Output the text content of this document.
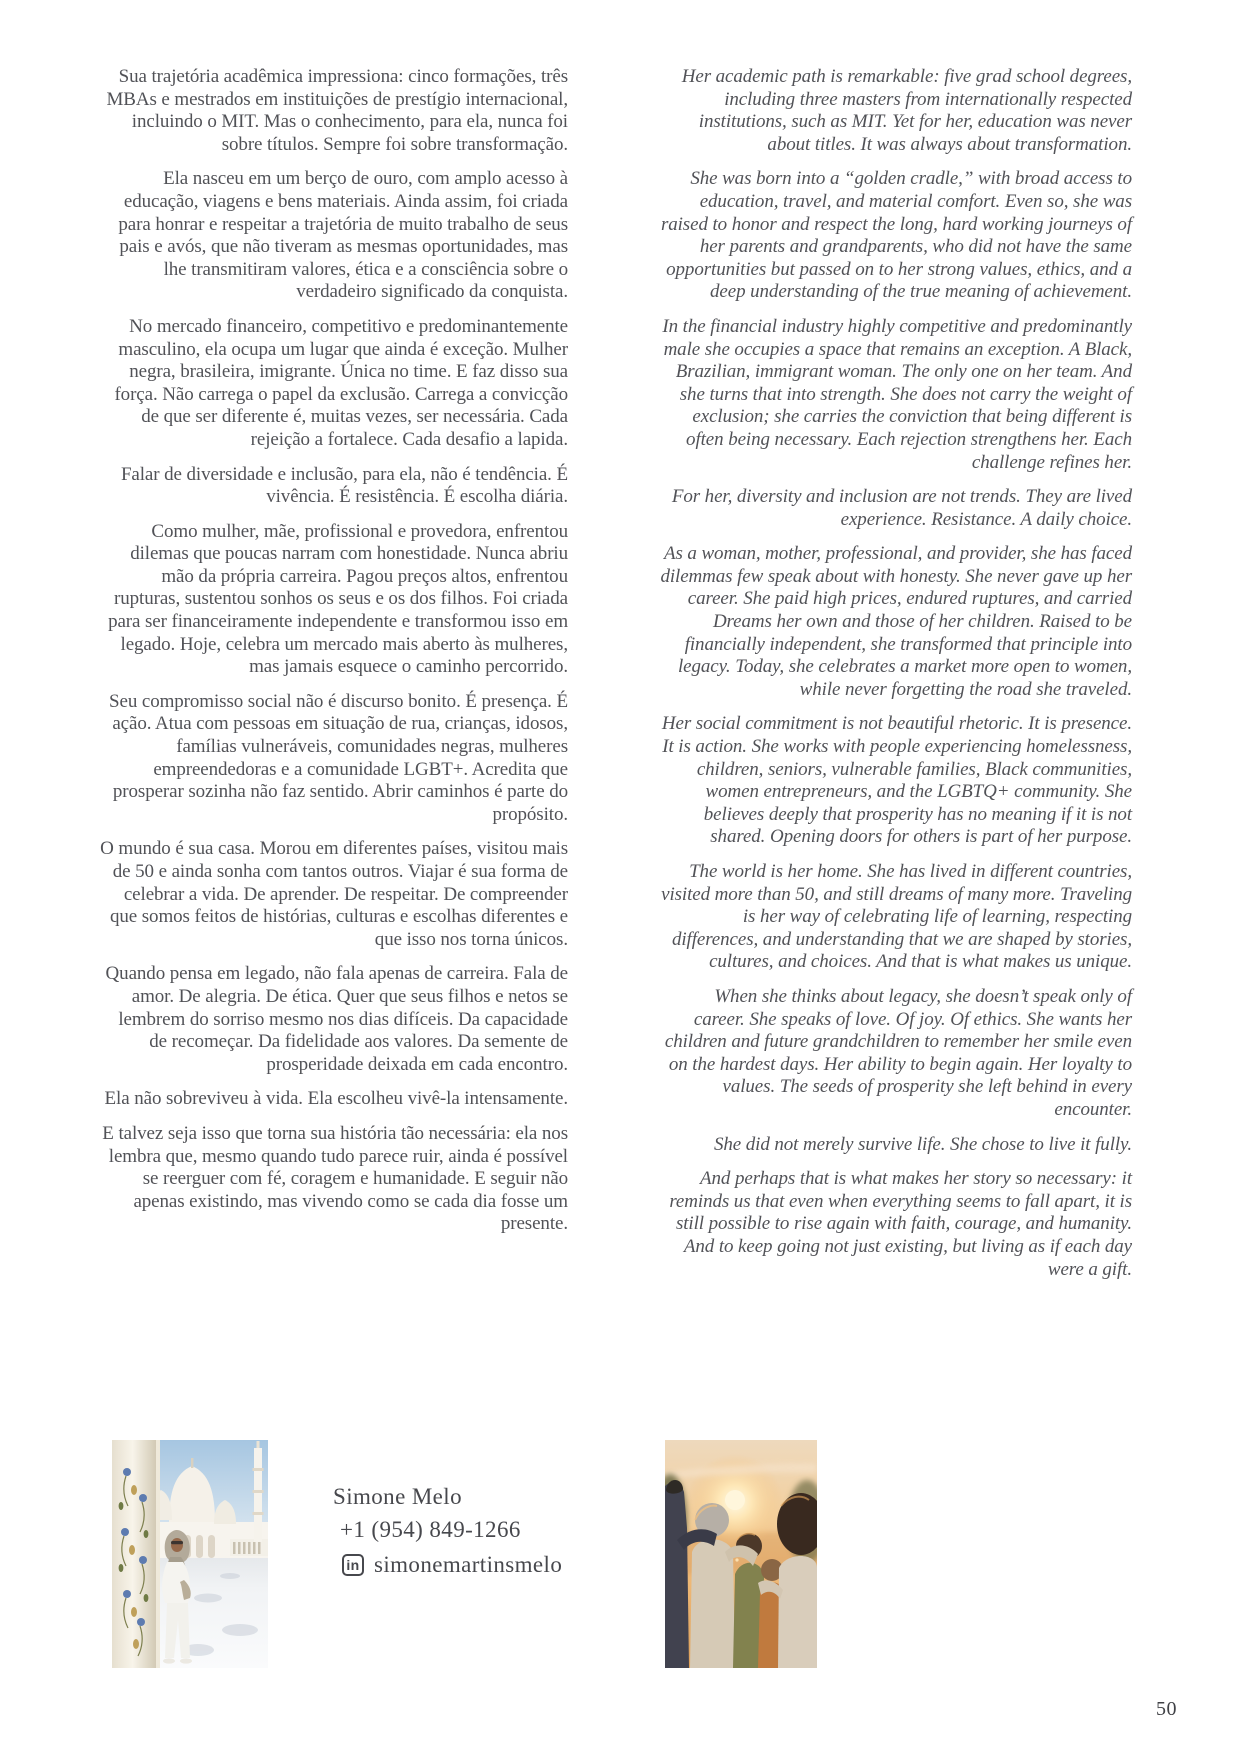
Sua trajetória acadêmica impressiona: cinco formações, três MBAs e mestrados em instituições de prestígio internacional, incluindo o MIT. Mas o conhecimento, para ela, nunca foi sobre títulos. Sempre foi sobre transformação.

Ela nasceu em um berço de ouro, com amplo acesso à educação, viagens e bens materiais. Ainda assim, foi criada para honrar e respeitar a trajetória de muito trabalho de seus pais e avós, que não tiveram as mesmas oportunidades, mas lhe transmitiram valores, ética e a consciência sobre o verdadeiro significado da conquista.

No mercado financeiro, competitivo e predominantemente masculino, ela ocupa um lugar que ainda é exceção. Mulher negra, brasileira, imigrante. Única no time. E faz disso sua força. Não carrega o papel da exclusão. Carrega a convicção de que ser diferente é, muitas vezes, ser necessária. Cada rejeição a fortalece. Cada desafio a lapida.

Falar de diversidade e inclusão, para ela, não é tendência. É vivência. É resistência. É escolha diária.

Como mulher, mãe, profissional e provedora, enfrentou dilemas que poucas narram com honestidade. Nunca abriu mão da própria carreira. Pagou preços altos, enfrentou rupturas, sustentou sonhos os seus e os dos filhos. Foi criada para ser financeiramente independente e transformou isso em legado. Hoje, celebra um mercado mais aberto às mulheres, mas jamais esquece o caminho percorrido.

Seu compromisso social não é discurso bonito. É presença. É ação. Atua com pessoas em situação de rua, crianças, idosos, famílias vulneráveis, comunidades negras, mulheres empreendedoras e a comunidade LGBT+. Acredita que prosperar sozinha não faz sentido. Abrir caminhos é parte do propósito.

O mundo é sua casa. Morou em diferentes países, visitou mais de 50 e ainda sonha com tantos outros. Viajar é sua forma de celebrar a vida. De aprender. De respeitar. De compreender que somos feitos de histórias, culturas e escolhas diferentes e que isso nos torna únicos.

Quando pensa em legado, não fala apenas de carreira. Fala de amor. De alegria. De ética. Quer que seus filhos e netos se lembrem do sorriso mesmo nos dias difíceis. Da capacidade de recomeçar. Da fidelidade aos valores. Da semente de prosperidade deixada em cada encontro.

Ela não sobreviveu à vida. Ela escolheu vivê-la intensamente.

E talvez seja isso que torna sua história tão necessária: ela nos lembra que, mesmo quando tudo parece ruir, ainda é possível se reerguer com fé, coragem e humanidade. E seguir não apenas existindo, mas vivendo como se cada dia fosse um presente.

Her academic path is remarkable: five grad school degrees, including three masters from internationally respected institutions, such as MIT. Yet for her, education was never about titles. It was always about transformation.

She was born into a “golden cradle,” with broad access to education, travel, and material comfort. Even so, she was raised to honor and respect the long, hard working journeys of her parents and grandparents, who did not have the same opportunities but passed on to her strong values, ethics, and a deep understanding of the true meaning of achievement.

In the financial industry highly competitive and predominantly male she occupies a space that remains an exception. A Black, Brazilian, immigrant woman. The only one on her team. And she turns that into strength. She does not carry the weight of exclusion; she carries the conviction that being different is often being necessary. Each rejection strengthens her. Each challenge refines her.

For her, diversity and inclusion are not trends. They are lived experience. Resistance. A daily choice.

As a woman, mother, professional, and provider, she has faced dilemmas few speak about with honesty. She never gave up her career. She paid high prices, endured ruptures, and carried Dreams her own and those of her children. Raised to be financially independent, she transformed that principle into legacy. Today, she celebrates a market more open to women, while never forgetting the road she traveled.

Her social commitment is not beautiful rhetoric. It is presence. It is action. She works with people experiencing homelessness, children, seniors, vulnerable families, Black communities, women entrepreneurs, and the LGBTQ+ community. She believes deeply that prosperity has no meaning if it is not shared. Opening doors for others is part of her purpose.

The world is her home. She has lived in different countries, visited more than 50, and still dreams of many more. Traveling is her way of celebrating life of learning, respecting differences, and understanding that we are shaped by stories, cultures, and choices. And that is what makes us unique.

When she thinks about legacy, she doesn’t speak only of career. She speaks of love. Of joy. Of ethics. She wants her children and future grandchildren to remember her smile even on the hardest days. Her ability to begin again. Her loyalty to values. The seeds of prosperity she left behind in every encounter.

She did not merely survive life. She chose to live it fully.

And perhaps that is what makes her story so necessary: it reminds us that even when everything seems to fall apart, it is still possible to rise again with faith, courage, and humanity. And to keep going not just existing, but living as if each day were a gift.

Simone Melo
+1 (954) 849-1266
in simonemartinsmelo
50
